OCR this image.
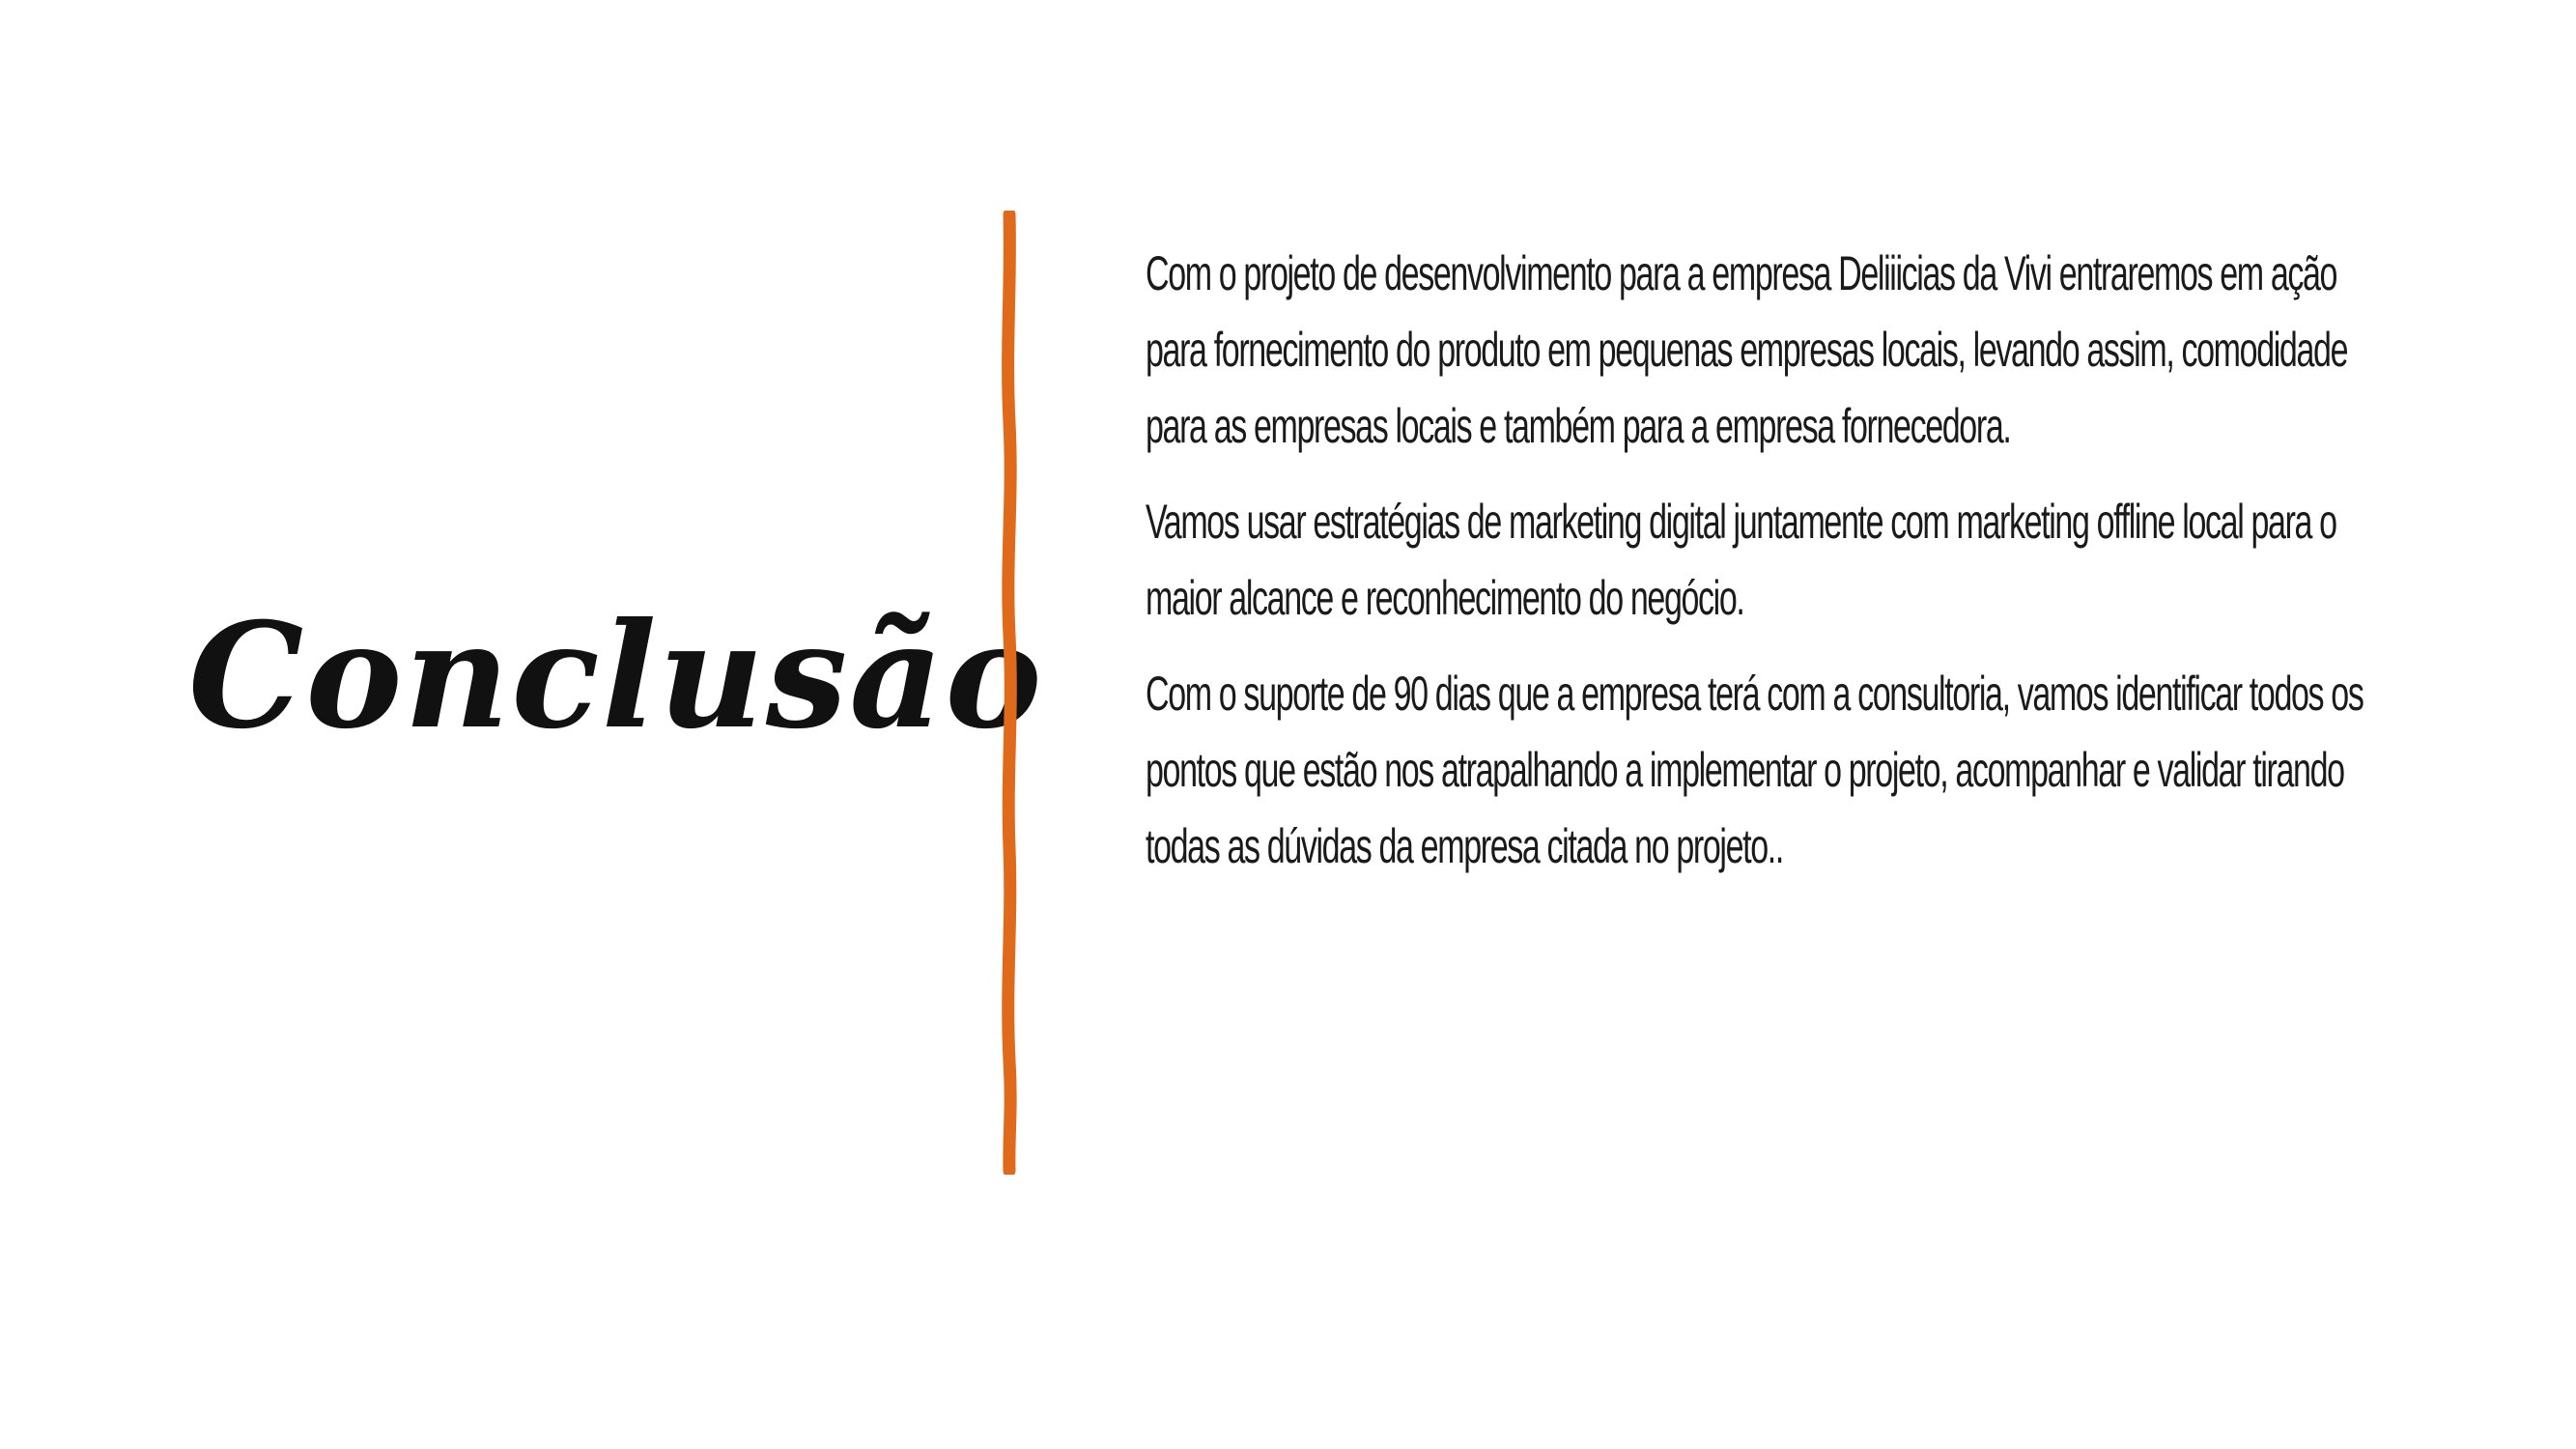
Conclusão

Com o projeto de desenvolvimento para a empresa Deliiicias da Vivi entraremos em ação para fornecimento do produto em pequenas empresas locais, levando assim, comodidade para as empresas locais e também para a empresa fornecedora.

Vamos usar estratégias de marketing digital juntamente com marketing offline local para o maior alcance e reconhecimento do negócio.

Com o suporte de 90 dias que a empresa terá com a consultoria, vamos identificar todos os pontos que estão nos atrapalhando a implementar o projeto, acompanhar e validar tirando todas as dúvidas da empresa citada no projeto..
